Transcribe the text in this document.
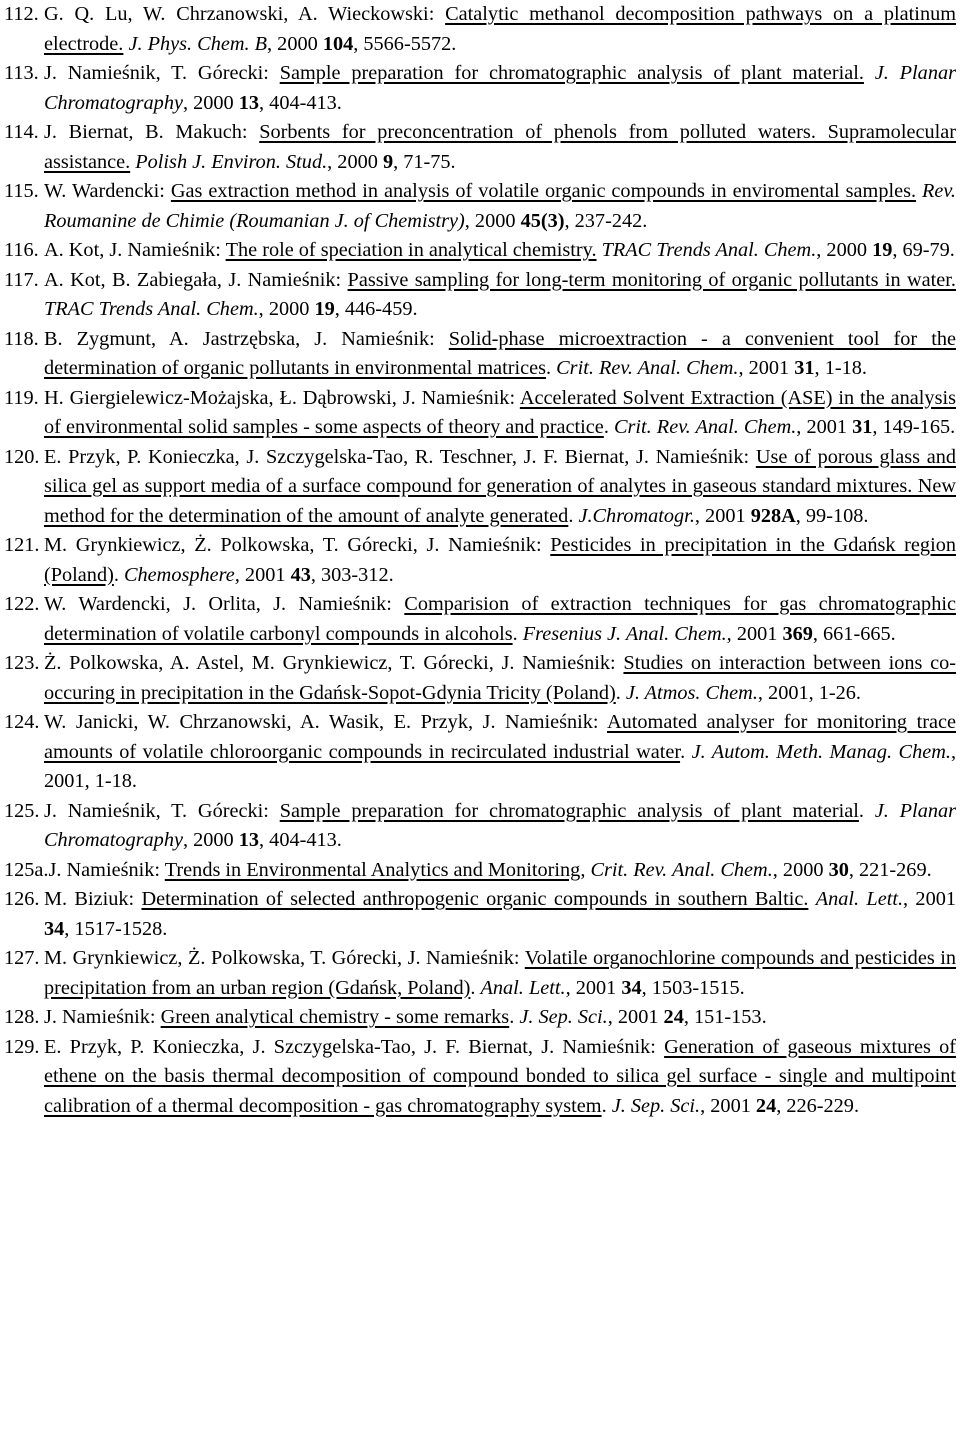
112. G. Q. Lu, W. Chrzanowski, A. Wieckowski: Catalytic methanol decomposition pathways on a platinum electrode. J. Phys. Chem. B, 2000 104, 5566-5572.
113. J. Namieśnik, T. Górecki: Sample preparation for chromatographic analysis of plant material. J. Planar Chromatography, 2000 13, 404-413.
114. J. Biernat, B. Makuch: Sorbents for preconcentration of phenols from polluted waters. Supramolecular assistance. Polish J. Environ. Stud., 2000 9, 71-75.
115. W. Wardencki: Gas extraction method in analysis of volatile organic compounds in enviromental samples. Rev. Roumanine de Chimie (Roumanian J. of Chemistry), 2000 45(3), 237-242.
116. A. Kot, J. Namieśnik: The role of speciation in analytical chemistry. TRAC Trends Anal. Chem., 2000 19, 69-79.
117. A. Kot, B. Zabiegała, J. Namieśnik: Passive sampling for long-term monitoring of organic pollutants in water. TRAC Trends Anal. Chem., 2000 19, 446-459.
118. B. Zygmunt, A. Jastrzębska, J. Namieśnik: Solid-phase microextraction - a convenient tool for the determination of organic pollutants in environmental matrices. Crit. Rev. Anal. Chem., 2001 31, 1-18.
119. H. Giergielewicz-Możajska, Ł. Dąbrowski, J. Namieśnik: Accelerated Solvent Extraction (ASE) in the analysis of environmental solid samples - some aspects of theory and practice. Crit. Rev. Anal. Chem., 2001 31, 149-165.
120. E. Przyk, P. Konieczka, J. Szczygelska-Tao, R. Teschner, J. F. Biernat, J. Namieśnik: Use of porous glass and silica gel as support media of a surface compound for generation of analytes in gaseous standard mixtures. New method for the determination of the amount of analyte generated. J.Chromatogr., 2001 928A, 99-108.
121. M. Grynkiewicz, Ż. Polkowska, T. Górecki, J. Namieśnik: Pesticides in precipitation in the Gdańsk region (Poland). Chemosphere, 2001 43, 303-312.
122. W. Wardencki, J. Orlita, J. Namieśnik: Comparision of extraction techniques for gas chromatographic determination of volatile carbonyl compounds in alcohols. Fresenius J. Anal. Chem., 2001 369, 661-665.
123. Ż. Polkowska, A. Astel, M. Grynkiewicz, T. Górecki, J. Namieśnik: Studies on interaction between ions co-occuring in precipitation in the Gdańsk-Sopot-Gdynia Tricity (Poland). J. Atmos. Chem., 2001, 1-26.
124. W. Janicki, W. Chrzanowski, A. Wasik, E. Przyk, J. Namieśnik: Automated analyser for monitoring trace amounts of volatile chloroorganic compounds in recirculated industrial water. J. Autom. Meth. Manag. Chem., 2001, 1-18.
125. J. Namieśnik, T. Górecki: Sample preparation for chromatographic analysis of plant material. J. Planar Chromatography, 2000 13, 404-413.
125a. J. Namieśnik: Trends in Environmental Analytics and Monitoring, Crit. Rev. Anal. Chem., 2000 30, 221-269.
126. M. Biziuk: Determination of selected anthropogenic organic compounds in southern Baltic. Anal. Lett., 2001 34, 1517-1528.
127. M. Grynkiewicz, Ż. Polkowska, T. Górecki, J. Namieśnik: Volatile organochlorine compounds and pesticides in precipitation from an urban region (Gdańsk, Poland). Anal. Lett., 2001 34, 1503-1515.
128. J. Namieśnik: Green analytical chemistry - some remarks. J. Sep. Sci., 2001 24, 151-153.
129. E. Przyk, P. Konieczka, J. Szczygelska-Tao, J. F. Biernat, J. Namieśnik: Generation of gaseous mixtures of ethene on the basis thermal decomposition of compound bonded to silica gel surface - single and multipoint calibration of a thermal decomposition - gas chromatography system. J. Sep. Sci., 2001 24, 226-229.
